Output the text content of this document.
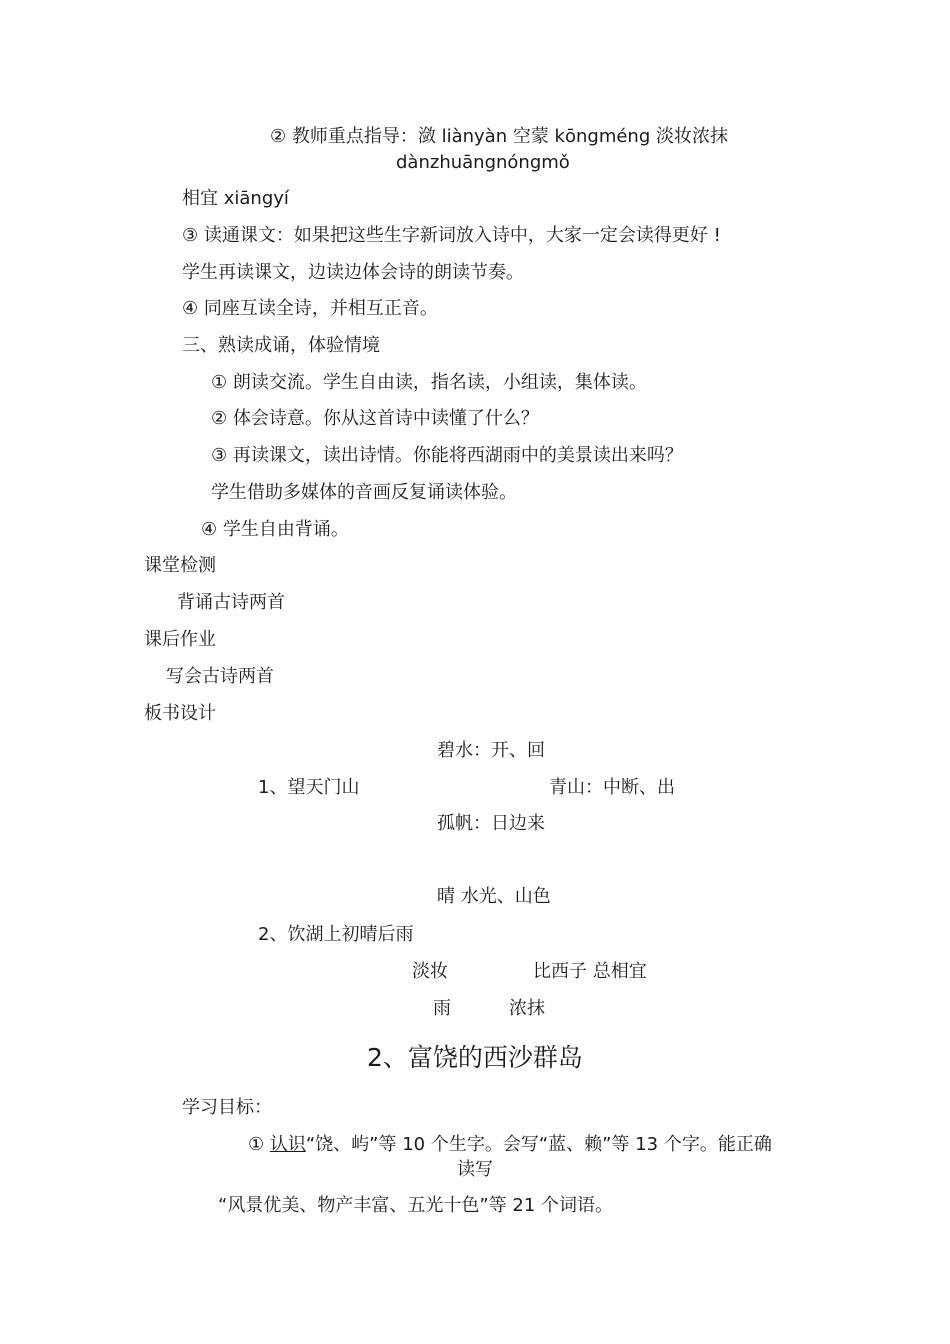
② 教师重点指导：潋 liànyàn 空蒙 kōngméng 淡妆浓抹
dànzhuāngnóngmǒ
相宜 xiāngyí
③ 读通课文：如果把这些生字新词放入诗中，大家一定会读得更好 !
学生再读课文，边读边体会诗的朗读节奏。
④ 同座互读全诗，并相互正音。
三、熟读成诵，体验情境
① 朗读交流。学生自由读，指名读，小组读，集体读。
② 体会诗意。你从这首诗中读懂了什么？
③ 再读课文，读出诗情。你能将西湖雨中的美景读出来吗？
学生借助多媒体的音画反复诵读体验。
④ 学生自由背诵。
课堂检测
背诵古诗两首
课后作业
写会古诗两首
板书设计
碧水：开、回
1、望天门山	青山：中断、出
孤帆：日边来
晴 水光、山色
2、饮湖上初晴后雨
淡妆	比西子 总相宜
雨	浓抹
2、富饶的西沙群岛
学习目标：
① 认识“饶、屿”等 10 个生字。会写“蓝、赖”等 13 个字。能正确
读写
“风景优美、物产丰富、五光十色”等 21 个词语。
